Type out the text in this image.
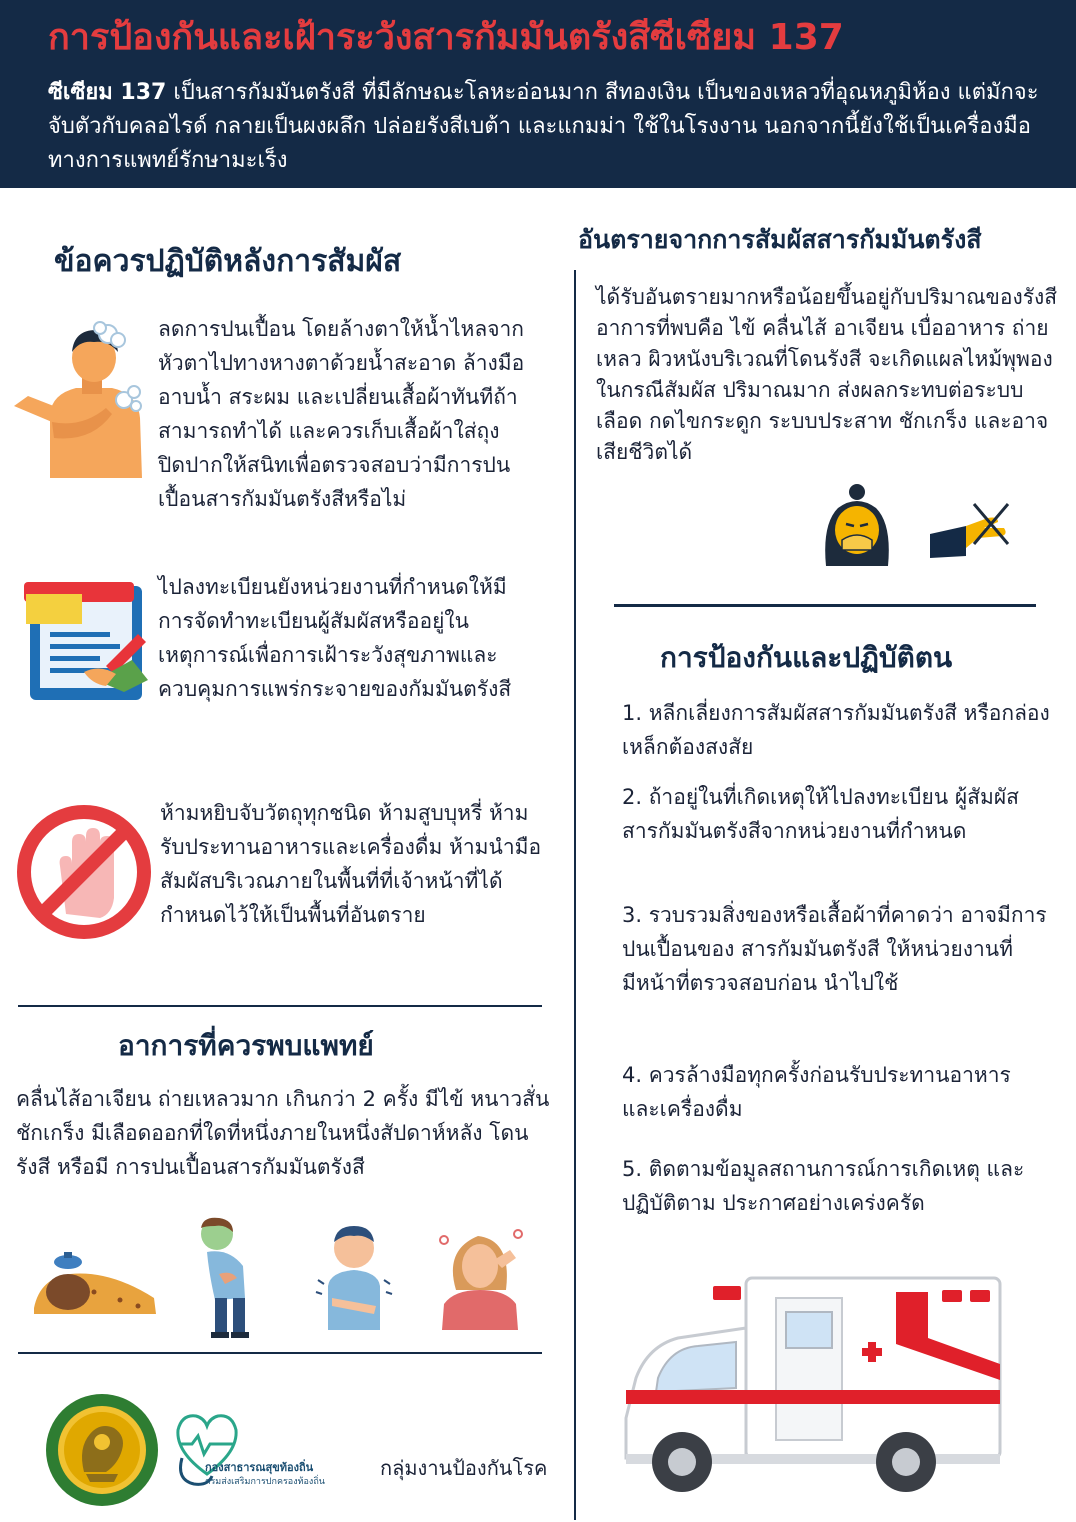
การป้องกันและเฝ้าระวังสารกัมมันตรังสีซีเซียม 137
ซีเซียม 137 เป็นสารกัมมันตรังสี ที่มีลักษณะโลหะอ่อนมาก สีทองเงิน เป็นของเหลวที่อุณหภูมิห้อง แต่มักจะจับตัวกับคลอไรด์ กลายเป็นผงผลึก ปล่อยรังสีเบต้า และแกมม่า ใช้ในโรงงาน นอกจากนี้ยังใช้เป็นเครื่องมือทางการแพทย์รักษามะเร็ง
ข้อควรปฏิบัติหลังการสัมผัส
ลดการปนเปื้อน โดยล้างตาให้น้ำไหลจากหัวตาไปทางหางตาด้วยน้ำสะอาด ล้างมือ อาบน้ำ สระผม และเปลี่ยนเสื้อผ้าทันทีถ้าสามารถทำได้ และควรเก็บเสื้อผ้าใส่ถุงปิดปากให้สนิทเพื่อตรวจสอบว่ามีการปนเปื้อนสารกัมมันตรังสีหรือไม่
ไปลงทะเบียนยังหน่วยงานที่กำหนดให้มีการจัดทำทะเบียนผู้สัมผัสหรืออยู่ในเหตุการณ์เพื่อการเฝ้าระวังสุขภาพและควบคุมการแพร่กระจายของกัมมันตรังสี
ห้ามหยิบจับวัตถุทุกชนิด ห้ามสูบบุหรี่ ห้ามรับประทานอาหารและเครื่องดื่ม ห้ามนำมือสัมผัสบริเวณภายในพื้นที่ที่เจ้าหน้าที่ได้ กำหนดไว้ให้เป็นพื้นที่อันตราย
อาการที่ควรพบแพทย์
คลื่นไส้อาเจียน ถ่ายเหลวมาก เกินกว่า 2 ครั้ง มีไข้ หนาวสั่น ชักเกร็ง มีเลือดออกที่ใดที่หนึ่งภายในหนึ่งสัปดาห์หลัง โดนรังสี หรือมี การปนเปื้อนสารกัมมันตรังสี
กองสาธารณสุขท้องถิ่น
กรมส่งเสริมการปกครองท้องถิ่น
กลุ่มงานป้องกันโรค
อันตรายจากการสัมผัสสารกัมมันตรังสี
ได้รับอันตรายมากหรือน้อยขึ้นอยู่กับปริมาณของรังสี อาการที่พบคือ ไข้ คลื่นไส้ อาเจียน เบื่ออาหาร ถ่ายเหลว ผิวหนังบริเวณที่โดนรังสี จะเกิดแผลไหม้พุพอง ในกรณีสัมผัส ปริมาณมาก ส่งผลกระทบต่อระบบเลือด กดไขกระดูก ระบบประสาท ชักเกร็ง และอาจเสียชีวิตได้
การป้องกันและปฏิบัติตน
1. หลีกเลี่ยงการสัมผัสสารกัมมันตรังสี หรือกล่องเหล็กต้องสงสัย
2. ถ้าอยู่ในที่เกิดเหตุให้ไปลงทะเบียน ผู้สัมผัสสารกัมมันตรังสีจากหน่วยงานที่กำหนด
3. รวบรวมสิ่งของหรือเสื้อผ้าที่คาดว่า อาจมีการปนเปื้อนของ สารกัมมันตรังสี ให้หน่วยงานที่มีหน้าที่ตรวจสอบก่อน นำไปใช้
4. ควรล้างมือทุกครั้งก่อนรับประทานอาหาร และเครื่องดื่ม
5. ติดตามข้อมูลสถานการณ์การเกิดเหตุ และปฏิบัติตาม ประกาศอย่างเคร่งครัด
